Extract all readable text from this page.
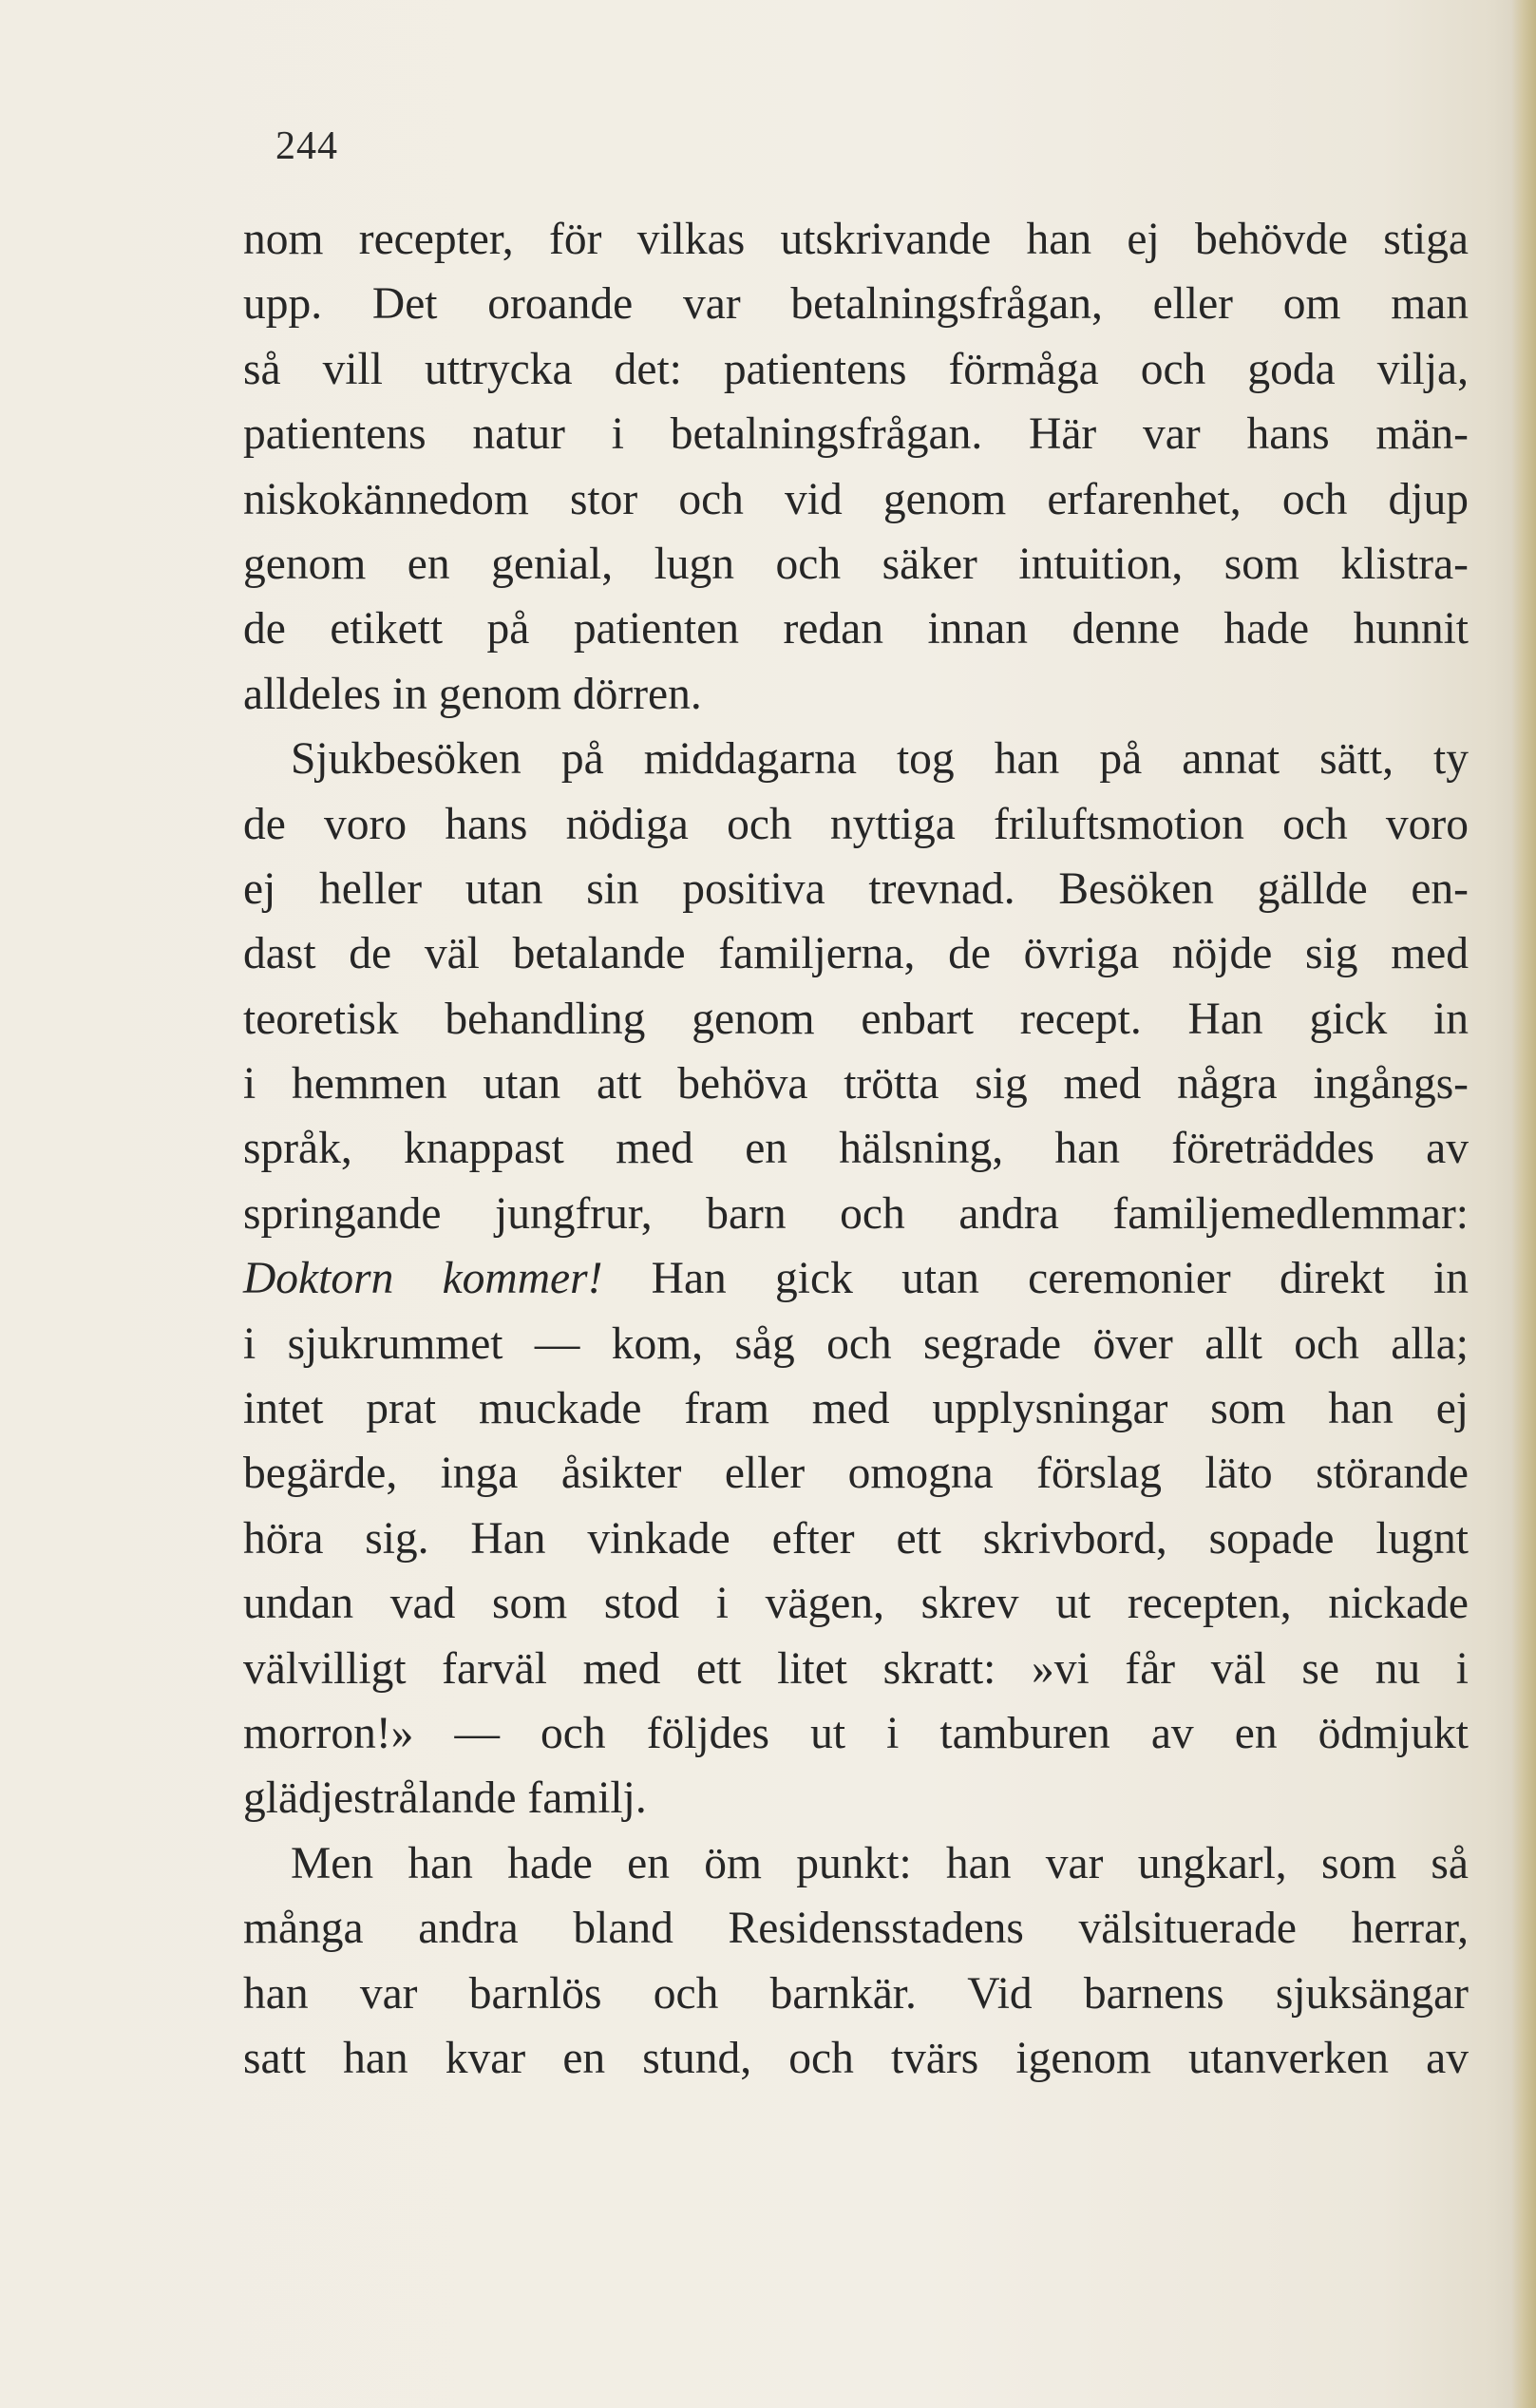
244
nom recepter, för vilkas utskrivande han ej behövde stiga
upp. Det oroande var betalningsfrågan, eller om man
så vill uttrycka det: patientens förmåga och goda vilja,
patientens natur i betalningsfrågan. Här var hans män-
niskokännedom stor och vid genom erfarenhet, och djup
genom en genial, lugn och säker intuition, som klistra-
de etikett på patienten redan innan denne hade hunnit
alldeles in genom dörren.
Sjukbesöken på middagarna tog han på annat sätt, ty
de voro hans nödiga och nyttiga friluftsmotion och voro
ej heller utan sin positiva trevnad. Besöken gällde en-
dast de väl betalande familjerna, de övriga nöjde sig med
teoretisk behandling genom enbart recept. Han gick in
i hemmen utan att behöva trötta sig med några ingångs-
språk, knappast med en hälsning, han företräddes av
springande jungfrur, barn och andra familjemedlemmar:
Doktorn kommer! Han gick utan ceremonier direkt in
i sjukrummet — kom, såg och segrade över allt och alla;
intet prat muckade fram med upplysningar som han ej
begärde, inga åsikter eller omogna förslag läto störande
höra sig. Han vinkade efter ett skrivbord, sopade lugnt
undan vad som stod i vägen, skrev ut recepten, nickade
välvilligt farväl med ett litet skratt: »vi får väl se nu i
morron!» — och följdes ut i tamburen av en ödmjukt
glädjestrålande familj.
Men han hade en öm punkt: han var ungkarl, som så
många andra bland Residensstadens välsituerade herrar,
han var barnlös och barnkär. Vid barnens sjuksängar
satt han kvar en stund, och tvärs igenom utanverken av
